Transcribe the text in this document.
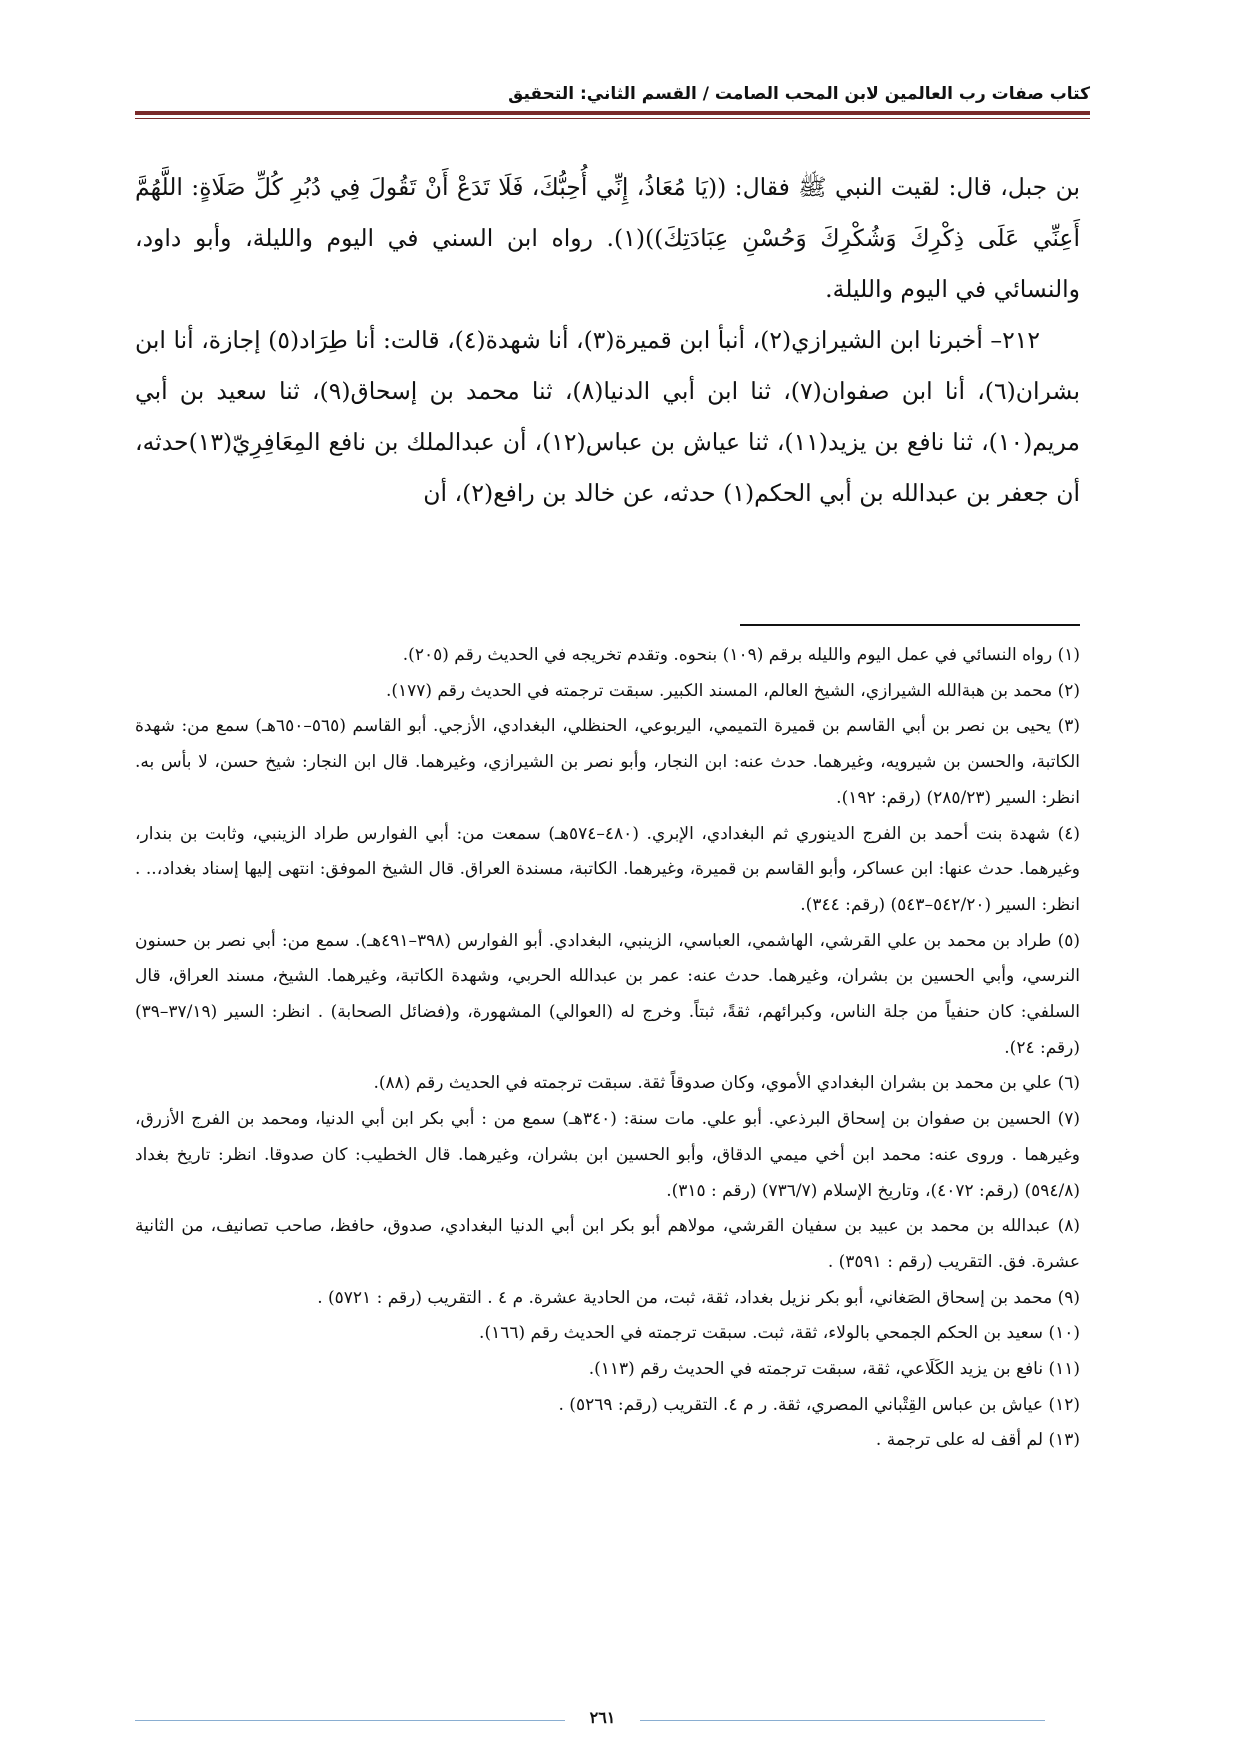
كتاب صفات رب العالمين لابن المحب الصامت / القسم الثاني: التحقيق

بن جبل، قال: لقيت النبي ﷺ فقال: ((يَا مُعَاذُ، إِنِّي أُحِبُّكَ، فَلَا تَدَعْ أَنْ تَقُولَ فِي دُبُرِ كُلِّ صَلَاةٍ: اللَّهُمَّ أَعِنِّي عَلَى ذِكْرِكَ وَشُكْرِكَ وَحُسْنِ عِبَادَتِكَ))(١). رواه ابن السني في اليوم والليلة، وأبو داود، والنسائي في اليوم والليلة.

٢١٢– أخبرنا ابن الشيرازي(٢)، أنبأ ابن قميرة(٣)، أنا شهدة(٤)، قالت: أنا طِرَاد(٥) إجازة، أنا ابن بشران(٦)، أنا ابن صفوان(٧)، ثنا ابن أبي الدنيا(٨)، ثنا محمد بن إسحاق(٩)، ثنا سعيد بن أبي مريم(١٠)، ثنا نافع بن يزيد(١١)، ثنا عياش بن عباس(١٢)، أن عبدالملك بن نافع المِعَافِرِيّ(١٣)حدثه، أن جعفر بن عبدالله بن أبي الحكم(١) حدثه، عن خالد بن رافع(٢)، أن

(١) رواه النسائي في عمل اليوم والليله برقم (١٠٩) بنحوه. وتقدم تخريجه في الحديث رقم (٢٠٥).

(٢) محمد بن هبةالله الشيرازي، الشيخ العالم، المسند الكبير. سبقت ترجمته في الحديث رقم (١٧٧).

(٣) يحيى بن نصر بن أبي القاسم بن قميرة التميمي، اليربوعي، الحنظلي، البغدادي، الأزجي. أبو القاسم (٥٦٥–٦٥٠هـ) سمع من: شهدة الكاتبة، والحسن بن شيرويه، وغيرهما. حدث عنه: ابن النجار، وأبو نصر بن الشيرازي، وغيرهما. قال ابن النجار: شيخ حسن، لا بأس به. انظر: السير (٢٨٥/٢٣) (رقم: ١٩٢).

(٤) شهدة بنت أحمد بن الفرج الدينوري ثم البغدادي، الإبري. (٤٨٠–٥٧٤هـ) سمعت من: أبي الفوارس طراد الزينبي، وثابت بن بندار، وغيرهما. حدث عنها: ابن عساكر، وأبو القاسم بن قميرة، وغيرهما. الكاتبة، مسندة العراق. قال الشيخ الموفق: انتهى إليها إسناد بغداد،.. . انظر: السير (٥٤٢/٢٠–٥٤٣) (رقم: ٣٤٤).

(٥) طراد بن محمد بن علي القرشي، الهاشمي، العباسي، الزينبي، البغدادي. أبو الفوارس (٣٩٨–٤٩١هـ). سمع من: أبي نصر بن حسنون النرسي، وأبي الحسين بن بشران، وغيرهما. حدث عنه: عمر بن عبدالله الحربي، وشهدة الكاتبة، وغيرهما. الشيخ، مسند العراق، قال السلفي: كان حنفياً من جلة الناس، وكبرائهم، ثقةً، ثبتاً. وخرج له (العوالي) المشهورة، و(فضائل الصحابة) . انظر: السير (٣٧/١٩–٣٩) (رقم: ٢٤).

(٦) علي بن محمد بن بشران البغدادي الأموي، وكان صدوقاً ثقة. سبقت ترجمته في الحديث رقم (٨٨).

(٧) الحسين بن صفوان بن إسحاق البرذعي. أبو علي. مات سنة: (٣٤٠هـ) سمع من : أبي بكر ابن أبي الدنيا، ومحمد بن الفرج الأزرق، وغيرهما . وروى عنه: محمد ابن أخي ميمي الدقاق، وأبو الحسين ابن بشران، وغيرهما. قال الخطيب: كان صدوقا. انظر: تاريخ بغداد (٥٩٤/٨) (رقم: ٤٠٧٢)، وتاريخ الإسلام (٧٣٦/٧) (رقم : ٣١٥).

(٨) عبدالله بن محمد بن عبيد بن سفيان القرشي، مولاهم أبو بكر ابن أبي الدنيا البغدادي، صدوق، حافظ، صاحب تصانيف، من الثانية عشرة. فق. التقريب (رقم : ٣٥٩١) .

(٩) محمد بن إسحاق الصَغاني، أبو بكر نزيل بغداد، ثقة، ثبت، من الحادية عشرة. م ٤ . التقريب (رقم : ٥٧٢١) .

(١٠) سعيد بن الحكم الجمحي بالولاء، ثقة، ثبت. سبقت ترجمته في الحديث رقم (١٦٦).

(١١) نافع بن يزيد الكَلَاعي، ثقة، سبقت ترجمته في الحديث رقم (١١٣).

(١٢) عياش بن عباس القِتْباني المصري، ثقة. ر م ٤. التقريب (رقم: ٥٢٦٩) .

(١٣) لم أقف له على ترجمة .

٢٦١
